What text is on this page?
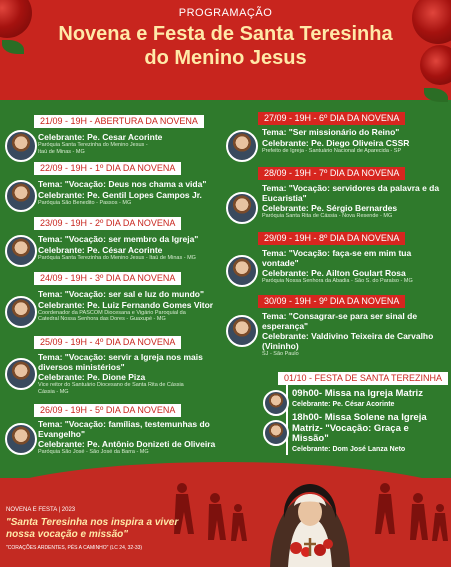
PROGRAMAÇÃO
Novena e Festa de Santa Teresinha
do Menino Jesus
21/09 - 19H - ABERTURA DA NOVENA
Celebrante: Pe. Cesar Acorinte
Paróquia Santa Terezinha do Menino Jesus -
Itaú de Minas - MG
22/09 - 19H - 1º DIA DA NOVENA
Tema: "Vocação: Deus nos chama a vida"
Celebrante: Pe. Gentil Lopes Campos Jr.
Paróquia São Benedito - Passos - MG
23/09 - 19H - 2º DIA DA NOVENA
Tema: "Vocação: ser membro da Igreja"
Celebrante: Pe. César Acorinte
Paróquia Santa Terezinha do Menino Jesus - Itaú de Minas - MG
24/09 - 19H - 3º DIA DA NOVENA
Tema: "Vocação: ser sal e luz do mundo"
Celebrante: Pe. Luiz Fernando Gomes Vitor
Coordenador da PASCOM Diocesana e Vigário Paroquial da
Catedral Nossa Senhora das Dores - Guaxupé - MG
25/09 - 19H - 4º DIA DA NOVENA
Tema: "Vocação: servir a Igreja nos mais diversos ministérios"
Celebrante: Pe. Dione Piza
Vice reitor do Santuário Diocesano de Santa Rita de Cássia
Cássia - MG
26/09 - 19H - 5º DIA DA NOVENA
Tema: "Vocação: famílias, testemunhas do Evangelho"
Celebrante: Pe. Antônio Donizeti de Oliveira
Paróquia São José - São José da Barra - MG
27/09 - 19H - 6º DIA DA NOVENA
Tema: "Ser missionário do Reino"
Celebrante: Pe. Diego Oliveira CSSR
Prefeito de Igreja - Santuário Nacional de Aparecida - SP
28/09 - 19H - 7º DIA DA NOVENA
Tema: "Vocação: servidores da palavra e da Eucaristia"
Celebrante: Pe. Sérgio Bernardes
Paróquia Santa Rita de Cássia - Nova Resende - MG
29/09 - 19H - 8º DIA DA NOVENA
Tema: "Vocação: faça-se em mim tua vontade"
Celebrante: Pe. Ailton Goulart Rosa
Paróquia Nossa Senhora da Abadia - São S. do Paraíso - MG
30/09 - 19H - 9º DIA DA NOVENA
Tema: "Consagrar-se para ser sinal de esperança"
Celebrante: Valdivino Teixeira de Carvalho (Vininho)
SJ - São Paulo
01/10 - FESTA DE SANTA TEREZINHA
09h00- Missa na Igreja Matriz
Celebrante: Pe. César Acorinte
18h00- Missa Solene na Igreja Matriz- "Vocação: Graça e Missão"
Celebrante: Dom José Lanza Neto
NOVENA E FESTA | 2023
"Santa Teresinha nos inspira a viver nossa vocação e missão"
"CORAÇÕES ARDENTES, PÉS A CAMINHO" (LC 24, 32-33)
